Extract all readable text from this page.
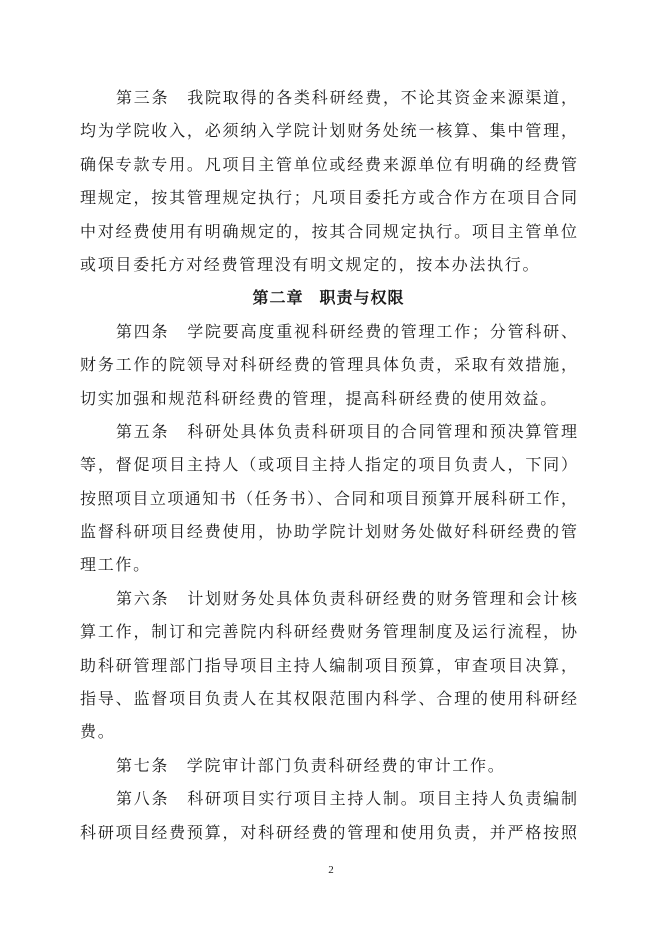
第三条　我院取得的各类科研经费，不论其资金来源渠道，
均为学院收入，必须纳入学院计划财务处统一核算、集中管理，
确保专款专用。凡项目主管单位或经费来源单位有明确的经费管
理规定，按其管理规定执行；凡项目委托方或合作方在项目合同
中对经费使用有明确规定的，按其合同规定执行。项目主管单位
或项目委托方对经费管理没有明文规定的，按本办法执行。
第二章 职责与权限
第四条　学院要高度重视科研经费的管理工作；分管科研、
财务工作的院领导对科研经费的管理具体负责，采取有效措施，
切实加强和规范科研经费的管理，提高科研经费的使用效益。
第五条　科研处具体负责科研项目的合同管理和预决算管理
等，督促项目主持人（或项目主持人指定的项目负责人，下同）
按照项目立项通知书（任务书）、合同和项目预算开展科研工作，
监督科研项目经费使用，协助学院计划财务处做好科研经费的管
理工作。
第六条　计划财务处具体负责科研经费的财务管理和会计核
算工作，制订和完善院内科研经费财务管理制度及运行流程，协
助科研管理部门指导项目主持人编制项目预算，审查项目决算，
指导、监督项目负责人在其权限范围内科学、合理的使用科研经
费。
第七条　学院审计部门负责科研经费的审计工作。
第八条　科研项目实行项目主持人制。项目主持人负责编制
科研项目经费预算，对科研经费的管理和使用负责，并严格按照
2
